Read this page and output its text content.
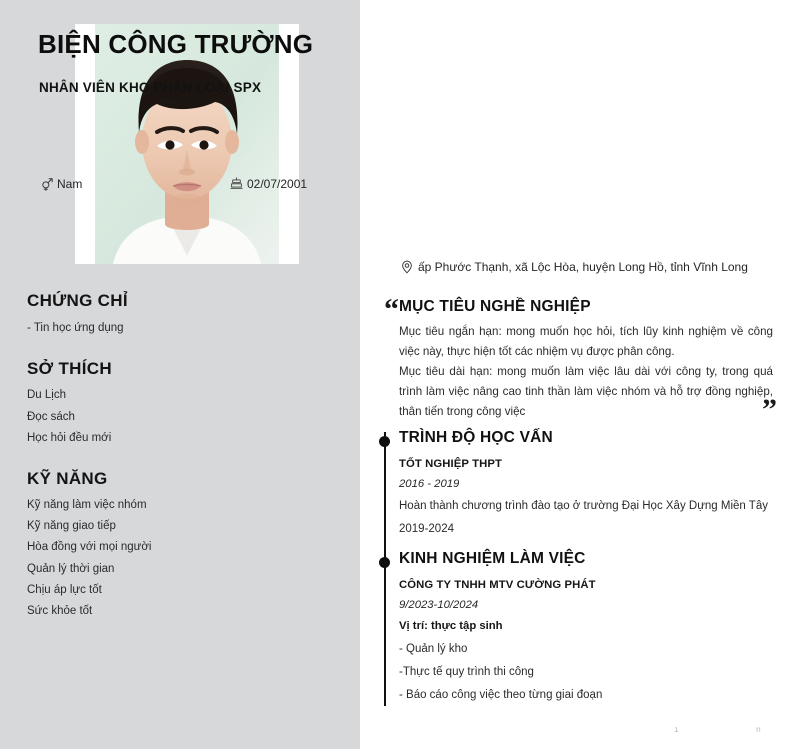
CHỨNG CHỈ
- Tin học ứng dụng
SỞ THÍCH
Du Lịch
Đọc sách
Học hỏi đều mới
KỸ NĂNG
Kỹ năng làm việc nhóm
Kỹ năng giao tiếp
Hòa đồng với mọi người
Quản lý thời gian
Chịu áp lực tốt
Sức khỏe tốt
BIỆN CÔNG TRƯỜNG
NHÂN VIÊN KHO PHÂN LOẠI SPX
Nam	02/07/2001
ấp Phước Thạnh, xã Lộc Hòa, huyện Long Hồ, tỉnh Vĩnh Long
“ MỤC TIÊU NGHỀ NGHIỆP

Mục tiêu ngắn hạn: mong muốn học hỏi, tích lũy kinh nghiệm về công việc này, thực hiện tốt các nhiệm vụ được phân công.

Mục tiêu dài hạn: mong muốn làm việc lâu dài với công ty, trong quá trình làm việc nâng cao tinh thần làm việc nhóm và hỗ trợ đồng nghiệp, thân tiến trong công việc	”
TRÌNH ĐỘ HỌC VẤN
TỐT NGHIỆP THPT
2016 - 2019
Hoàn thành chương trình đào tạo ở trường Đại Học Xây Dựng Miền Tây
2019-2024
KINH NGHIỆM LÀM VIỆC
CÔNG TY TNHH MTV CƯỜNG PHÁT
9/2023-10/2024
Vị trí: thực tập sinh
- Quản lý kho
-Thực tế quy trình thi công
- Báo cáo công việc theo từng giai đoạn
ı	n
